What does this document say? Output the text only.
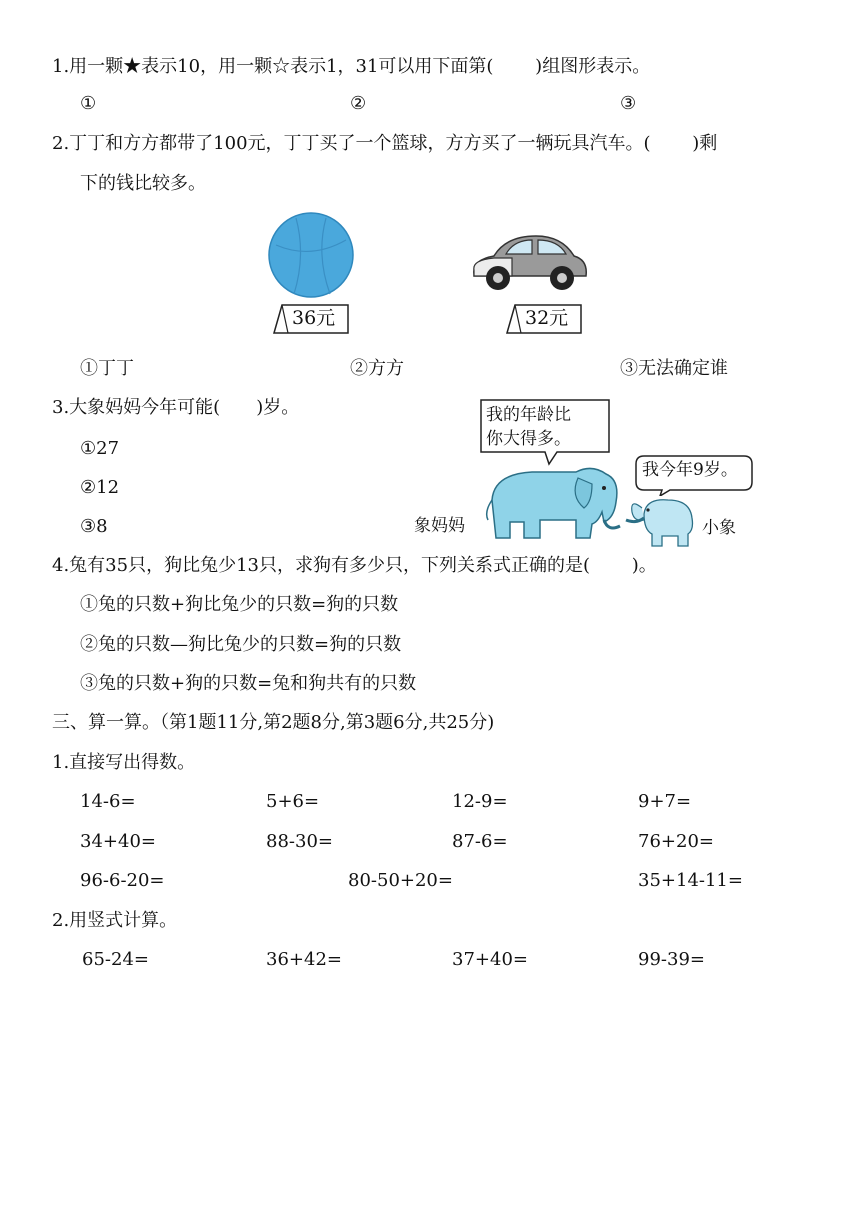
1.用一颗★表示10，用一颗☆表示1，31可以用下面第(　　 )组图形表示。
①	②	③
2.丁丁和方方都带了100元，丁丁买了一个篮球，方方买了一辆玩具汽车。(　　 )剩
下的钱比较多。
36元	32元
①丁丁	②方方	③无法确定谁
3.大象妈妈今年可能(　　)岁。
①27
②12
③8
我的年龄比
你大得多。
我今年9岁。
象妈妈	小象
4.兔有35只，狗比兔少13只，求狗有多少只，下列关系式正确的是(　　 )。
①兔的只数+狗比兔少的只数=狗的只数
②兔的只数—狗比兔少的只数=狗的只数
③兔的只数+狗的只数=兔和狗共有的只数
三、算一算。（第1题11分,第2题8分,第3题6分,共25分)
1.直接写出得数。
14-6=	5+6=	12-9=	9+7=
34+40=	88-30=	87-6=	76+20=
96-6-20=	80-50+20=	35+14-11=
2.用竖式计算。
65-24=	36+42=	37+40=	99-39=
